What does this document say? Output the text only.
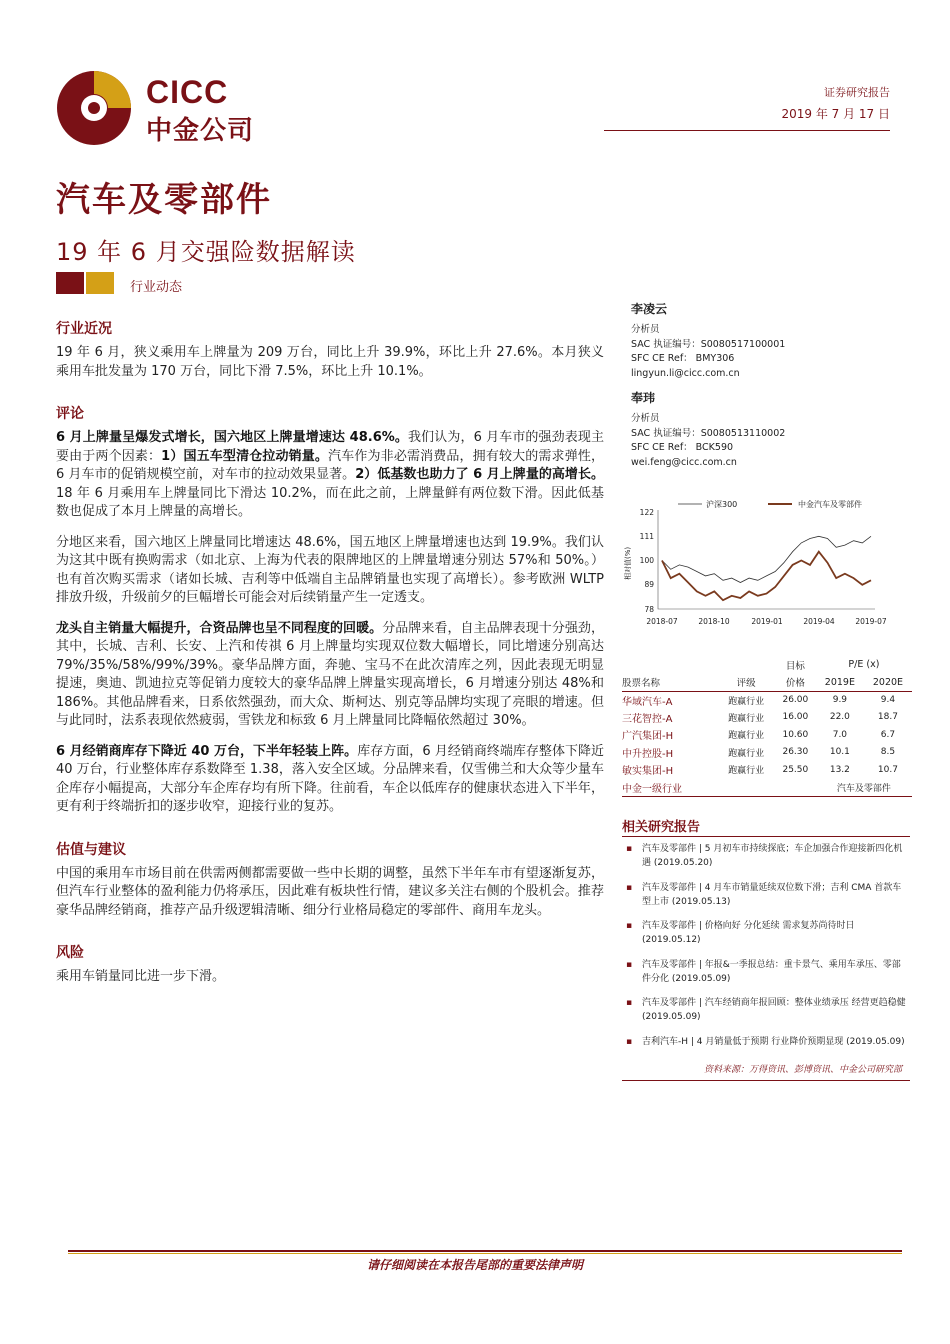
CICC
中金公司
证券研究报告
2019 年 7 月 17 日
汽车及零部件
19 年 6 月交强险数据解读
行业动态
行业近况

19 年 6 月，狭义乘用车上牌量为 209 万台，同比上升 39.9%，环比上升 27.6%。本月狭义乘用车批发量为 170 万台，同比下滑 7.5%，环比上升 10.1%。

评论

6 月上牌量呈爆发式增长，国六地区上牌量增速达 48.6%。我们认为，6 月车市的强劲表现主要由于两个因素：1）国五车型清仓拉动销量。汽车作为非必需消费品，拥有较大的需求弹性，6 月车市的促销规模空前，对车市的拉动效果显著。2）低基数也助力了 6 月上牌量的高增长。18 年 6 月乘用车上牌量同比下滑达 10.2%，而在此之前，上牌量鲜有两位数下滑。因此低基数也促成了本月上牌量的高增长。

分地区来看，国六地区上牌量同比增速达 48.6%，国五地区上牌量增速也达到 19.9%。我们认为这其中既有换购需求（如北京、上海为代表的限牌地区的上牌量增速分别达 57%和 50%。）也有首次购买需求（诸如长城、吉利等中低端自主品牌销量也实现了高增长）。参考欧洲 WLTP 排放升级，升级前夕的巨幅增长可能会对后续销量产生一定透支。

龙头自主销量大幅提升，合资品牌也呈不同程度的回暖。分品牌来看，自主品牌表现十分强劲，其中，长城、吉利、长安、上汽和传祺 6 月上牌量均实现双位数大幅增长，同比增速分别高达 79%/35%/58%/99%/39%。豪华品牌方面，奔驰、宝马不在此次清库之列，因此表现无明显提速，奥迪、凯迪拉克等促销力度较大的豪华品牌上牌量实现高增长，6 月增速分别达 48%和 186%。其他品牌看来，日系依然强劲，而大众、斯柯达、别克等品牌均实现了亮眼的增速。但与此同时，法系表现依然疲弱，雪铁龙和标致 6 月上牌量同比降幅依然超过 30%。

6 月经销商库存下降近 40 万台，下半年轻装上阵。库存方面，6 月经销商终端库存整体下降近 40 万台，行业整体库存系数降至 1.38，落入安全区域。分品牌来看，仅雪佛兰和大众等少量车企库存小幅提高，大部分车企库存均有所下降。往前看，车企以低库存的健康状态进入下半年，更有利于终端折扣的逐步收窄，迎接行业的复苏。

估值与建议

中国的乘用车市场目前在供需两侧都需要做一些中长期的调整，虽然下半年车市有望逐渐复苏，但汽车行业整体的盈利能力仍将承压，因此难有板块性行情，建议多关注右侧的个股机会。推荐豪华品牌经销商，推荐产品升级逻辑清晰、细分行业格局稳定的零部件、商用车龙头。

风险

乘用车销量同比进一步下滑。

李凌云
分析员
SAC 执证编号：S0080517100001
SFC CE Ref： BMY306
lingyun.li@cicc.com.cn
奉玮
分析员
SAC 执证编号：S0080513110002
SFC CE Ref： BCK590
wei.feng@cicc.com.cn
沪深300	中金汽车及零部件
相对值(%)
122
111
100
89
78
2018-07	2018-10	2019-01	2019-04	2019-07
		目标	P/E (x)	
股票名称	评级	价格	2019E	2020E
华域汽车-A	跑赢行业	26.00	9.9	9.4
三花智控-A	跑赢行业	16.00	22.0	18.7
广汽集团-H	跑赢行业	10.60	7.0	6.7
中升控股-H	跑赢行业	26.30	10.1	8.5
敏实集团-H	跑赢行业	25.50	13.2	10.7
中金一级行业			汽车及零部件	
相关研究报告
▪ 汽车及零部件 | 5 月初车市持续探底；车企加强合作迎接新四化机遇 (2019.05.20)
▪ 汽车及零部件 | 4 月车市销量延续双位数下滑；吉利 CMA 首款车型上市 (2019.05.13)
▪ 汽车及零部件 | 价格向好 分化延续 需求复苏尚待时日 (2019.05.12)
▪ 汽车及零部件 | 年报&一季报总结：重卡景气、乘用车承压、零部件分化 (2019.05.09)
▪ 汽车及零部件 | 汽车经销商年报回顾：整体业绩承压 经营更趋稳健 (2019.05.09)
▪ 吉利汽车-H | 4 月销量低于预期 行业降价预期显现 (2019.05.09)
资料来源：万得资讯、彭博资讯、中金公司研究部
请仔细阅读在本报告尾部的重要法律声明
